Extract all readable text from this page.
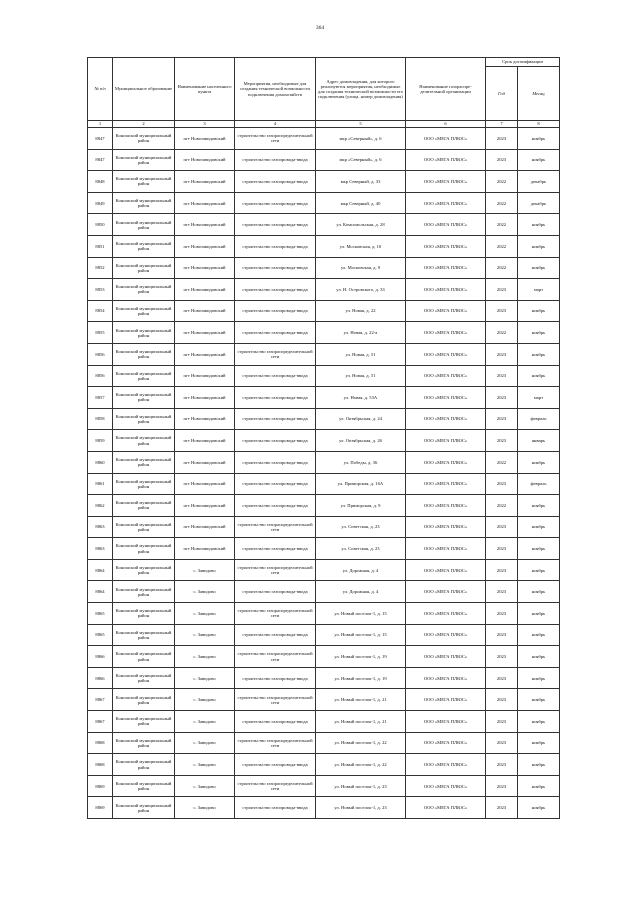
364
№ п/п	Муниципальное образование	Наименование населенного пункта	Мероприятия, необходимые для создания технической возможности подключения домохозяйств	Адрес домовладения, для которого реализуются мероприятия, необходимые для создания технической возможности его подключения (улица, номер домовладения)	Наименование газораспре-делительной организации	Срок догазификации	
						Год	Месяц
1	2	3	4	5	6	7	8
8847	Коношский муниципальный район	пгт Новозавидовский	строительство газораспределительной сети	мкр «Северный», д. 6	ООО «МЕГА ПЛЮС»	2023	ноябрь
8847	Коношский муниципальный район	пгт Новозавидовский	строительство газопровода-ввода	мкр «Северный», д. 6	ООО «МЕГА ПЛЮС»	2023	ноябрь
8848	Коношский муниципальный район	пгт Новозавидовский	строительство газопровода-ввода	мкр Северный, д. 33	ООО «МЕГА ПЛЮС»	2022	декабрь
8849	Коношский муниципальный район	пгт Новозавидовский	строительство газопровода-ввода	мкр Северный, д. 40	ООО «МЕГА ПЛЮС»	2022	декабрь
8850	Коношский муниципальный район	пгт Новозавидовский	строительство газопровода-ввода	ул. Комсомольская, д. 28	ООО «МЕГА ПЛЮС»	2022	ноябрь
8851	Коношский муниципальный район	пгт Новозавидовский	строительство газопровода-ввода	ул. Московская, д. 10	ООО «МЕГА ПЛЮС»	2022	ноябрь
8852	Коношский муниципальный район	пгт Новозавидовский	строительство газопровода-ввода	ул. Московская, д. 9	ООО «МЕГА ПЛЮС»	2022	ноябрь
8853	Коношский муниципальный район	пгт Новозавидовский	строительство газопровода-ввода	ул. Н. Островского, д. 33	ООО «МЕГА ПЛЮС»	2023	март
8854	Коношский муниципальный район	пгт Новозавидовский	строительство газопровода-ввода	ул. Новая, д. 22	ООО «МЕГА ПЛЮС»	2023	ноябрь
8855	Коношский муниципальный район	пгт Новозавидовский	строительство газопровода-ввода	ул. Новая, д. 22-а	ООО «МЕГА ПЛЮС»	2022	ноябрь
8856	Коношский муниципальный район	пгт Новозавидовский	строительство газораспределительной сети	ул. Новая, д. 51	ООО «МЕГА ПЛЮС»	2023	ноябрь
8856	Коношский муниципальный район	пгт Новозавидовский	строительство газопровода-ввода	ул. Новая, д. 51	ООО «МЕГА ПЛЮС»	2023	ноябрь
8857	Коношский муниципальный район	пгт Новозавидовский	строительство газопровода-ввода	ул. Новая, д. 53А	ООО «МЕГА ПЛЮС»	2023	март
8858	Коношский муниципальный район	пгт Новозавидовский	строительство газопровода-ввода	ул. Октябрьская, д. 24	ООО «МЕГА ПЛЮС»	2023	февраль
8859	Коношский муниципальный район	пгт Новозавидовский	строительство газопровода-ввода	ул. Октябрьская, д. 26	ООО «МЕГА ПЛЮС»	2023	январь
8860	Коношский муниципальный район	пгт Новозавидовский	строительство газопровода-ввода	ул. Победы, д. 36	ООО «МЕГА ПЛЮС»	2022	ноябрь
8861	Коношский муниципальный район	пгт Новозавидовский	строительство газопровода-ввода	ул. Приморская, д. 16А	ООО «МЕГА ПЛЮС»	2023	февраль
8862	Коношский муниципальный район	пгт Новозавидовский	строительство газопровода-ввода	ул. Приморская, д. 9	ООО «МЕГА ПЛЮС»	2022	ноябрь
8863	Коношский муниципальный район	пгт Новозавидовский	строительство газораспределительной сети	ул. Советская, д. 23	ООО «МЕГА ПЛЮС»	2023	ноябрь
8863	Коношский муниципальный район	пгт Новозавидовский	строительство газопровода-ввода	ул. Советская, д. 23	ООО «МЕГА ПЛЮС»	2023	ноябрь
8864	Коношский муниципальный район	с. Завидово	строительство газораспределительной сети	ул. Дорожная, д. 4	ООО «МЕГА ПЛЮС»	2023	ноябрь
8864	Коношский муниципальный район	с. Завидово	строительство газопровода-ввода	ул. Дорожная, д. 4	ООО «МЕГА ПЛЮС»	2023	ноябрь
8865	Коношский муниципальный район	с. Завидово	строительство газораспределительной сети	ул. Новый поселок-1, д. 15	ООО «МЕГА ПЛЮС»	2023	ноябрь
8865	Коношский муниципальный район	с. Завидово	строительство газопровода-ввода	ул. Новый поселок-1, д. 15	ООО «МЕГА ПЛЮС»	2023	ноябрь
8866	Коношский муниципальный район	с. Завидово	строительство газораспределительной сети	ул. Новый поселок-1, д. 19	ООО «МЕГА ПЛЮС»	2023	ноябрь
8866	Коношский муниципальный район	с. Завидово	строительство газопровода-ввода	ул. Новый поселок-1, д. 19	ООО «МЕГА ПЛЮС»	2023	ноябрь
8867	Коношский муниципальный район	с. Завидово	строительство газораспределительной сети	ул. Новый поселок-1, д. 21	ООО «МЕГА ПЛЮС»	2023	ноябрь
8867	Коношский муниципальный район	с. Завидово	строительство газопровода-ввода	ул. Новый поселок-1, д. 21	ООО «МЕГА ПЛЮС»	2023	ноябрь
8868	Коношский муниципальный район	с. Завидово	строительство газораспределительной сети	ул. Новый поселок-1, д. 22	ООО «МЕГА ПЛЮС»	2023	ноябрь
8868	Коношский муниципальный район	с. Завидово	строительство газопровода-ввода	ул. Новый поселок-1, д. 22	ООО «МЕГА ПЛЮС»	2023	ноябрь
8869	Коношский муниципальный район	с. Завидово	строительство газораспределительной сети	ул. Новый поселок-1, д. 23	ООО «МЕГА ПЛЮС»	2023	ноябрь
8869	Коношский муниципальный район	с. Завидово	строительство газопровода-ввода	ул. Новый поселок-1, д. 23	ООО «МЕГА ПЛЮС»	2023	ноябрь
